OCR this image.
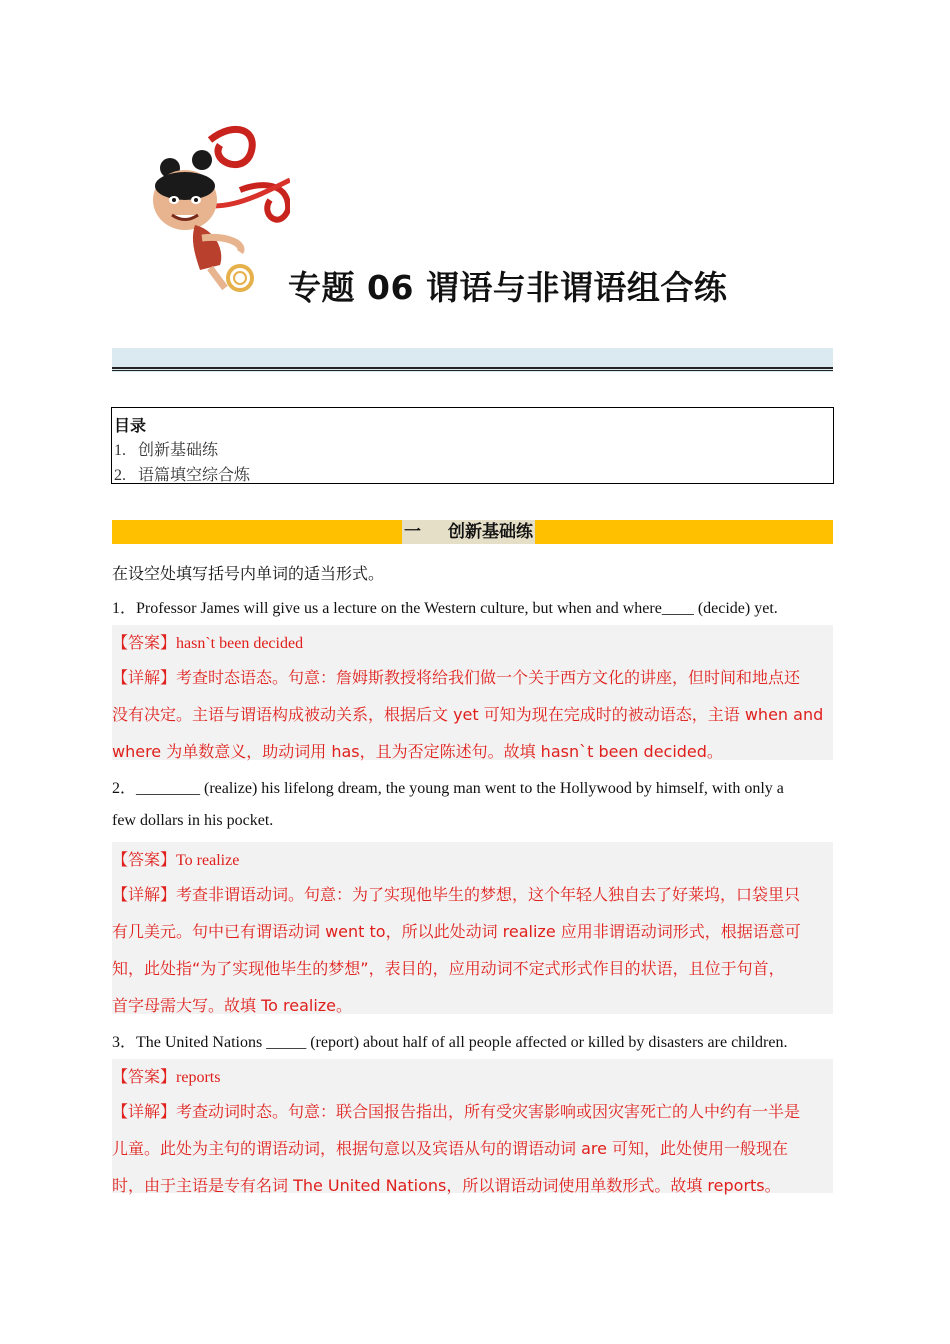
专题 06 谓语与非谓语组合练
目录
1. 创新基础练
2. 语篇填空综合炼
一 创新基础练
在设空处填写括号内单词的适当形式。
1．Professor James will give us a lecture on the Western culture, but when and where____ (decide) yet.
【答案】hasn`t been decided
【详解】考查时态语态。句意：詹姆斯教授将给我们做一个关于西方文化的讲座，但时间和地点还
没有决定。主语与谓语构成被动关系，根据后文 yet 可知为现在完成时的被动语态，主语 when and
where 为单数意义，助动词用 has，且为否定陈述句。故填 hasn`t been decided。
2．________ (realize) his lifelong dream, the young man went to the Hollywood by himself, with only a
few dollars in his pocket.
【答案】To realize
【详解】考查非谓语动词。句意：为了实现他毕生的梦想，这个年轻人独自去了好莱坞，口袋里只
有几美元。句中已有谓语动词 went to，所以此处动词 realize 应用非谓语动词形式，根据语意可
知，此处指“为了实现他毕生的梦想”，表目的，应用动词不定式形式作目的状语，且位于句首，
首字母需大写。故填 To realize。
3．The United Nations _____ (report) about half of all people affected or killed by disasters are children.
【答案】reports
【详解】考查动词时态。句意：联合国报告指出，所有受灾害影响或因灾害死亡的人中约有一半是
儿童。此处为主句的谓语动词，根据句意以及宾语从句的谓语动词 are 可知，此处使用一般现在
时，由于主语是专有名词 The United Nations，所以谓语动词使用单数形式。故填 reports。
